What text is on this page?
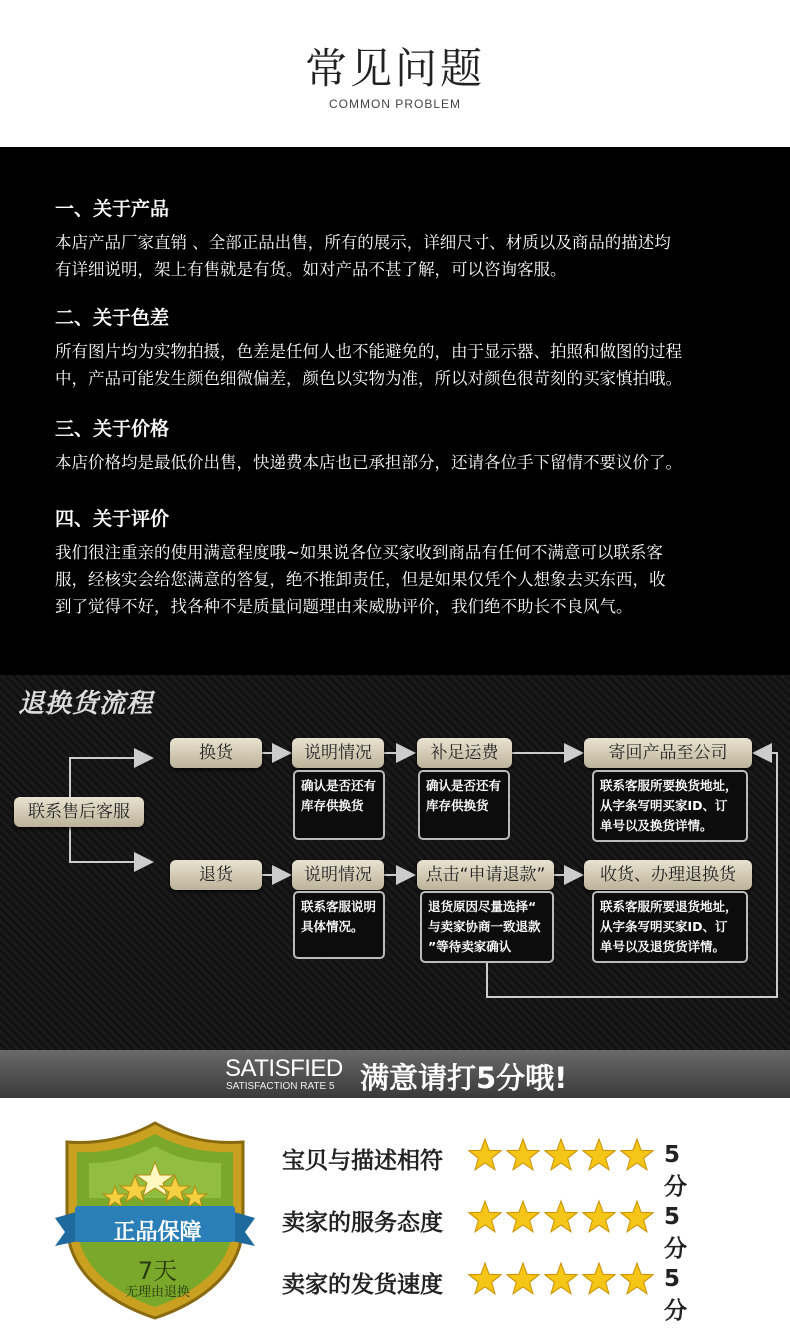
常见问题
COMMON PROBLEM
一、关于产品

本店产品厂家直销 、全部正品出售，所有的展示，详细尺寸、材质以及商品的描述均

有详细说明，架上有售就是有货。如对产品不甚了解，可以咨询客服。

二、关于色差

所有图片均为实物拍摄，色差是任何人也不能避免的，由于显示器、拍照和做图的过程

中，产品可能发生颜色细微偏差，颜色以实物为准，所以对颜色很苛刻的买家慎拍哦。

三、关于价格

本店价格均是最低价出售，快递费本店也已承担部分，还请各位手下留情不要议价了。

四、关于评价

我们很注重亲的使用满意程度哦~如果说各位买家收到商品有任何不满意可以联系客

服，经核实会给您满意的答复，绝不推卸责任，但是如果仅凭个人想象去买东西，收

到了觉得不好，找各种不是质量问题理由来威胁评价，我们绝不助长不良风气。

退换货流程
联系售后客服
换货	说明情况
确认是否还有
库存供换货
补足运费
确认是否还有
库存供换货
寄回产品至公司
联系客服所要换货地址，
从字条写明买家ID、订
单号以及换货详情。
退货	说明情况
联系客服说明
具体情况。
点击“申请退款”
退货原因尽量选择“
与卖家协商一致退款
”等待卖家确认
收货、办理退换货
联系客服所要退货地址，
从字条写明买家ID、订
单号以及退货货详情。
SATISFIED
SATISFACTION RATE 5 满意请打5分哦!
正品保障
7天
无理由退换
宝贝与描述相符	5分
卖家的服务态度	5分
卖家的发货速度	5分
